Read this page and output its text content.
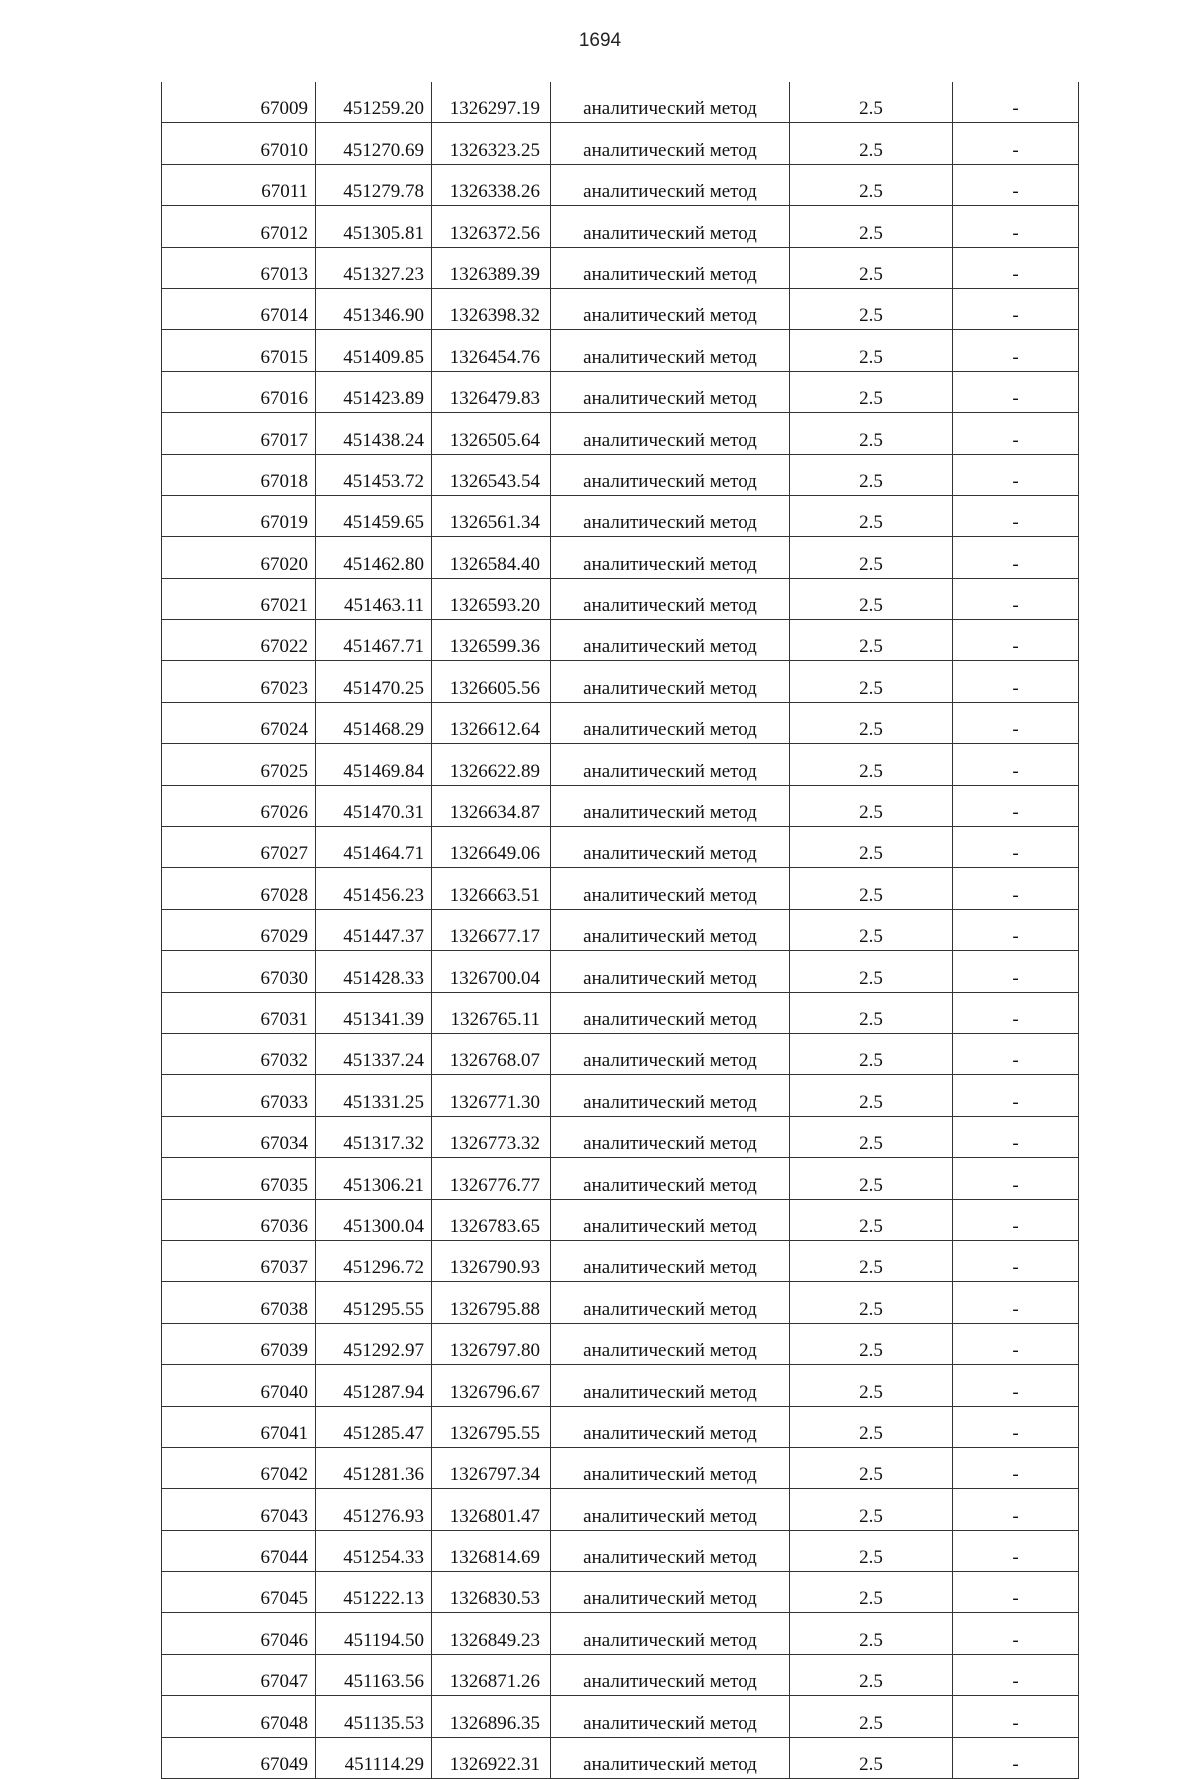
1694
67009	451259.20	1326297.19	аналитический метод	2.5	-
67010	451270.69	1326323.25	аналитический метод	2.5	-
67011	451279.78	1326338.26	аналитический метод	2.5	-
67012	451305.81	1326372.56	аналитический метод	2.5	-
67013	451327.23	1326389.39	аналитический метод	2.5	-
67014	451346.90	1326398.32	аналитический метод	2.5	-
67015	451409.85	1326454.76	аналитический метод	2.5	-
67016	451423.89	1326479.83	аналитический метод	2.5	-
67017	451438.24	1326505.64	аналитический метод	2.5	-
67018	451453.72	1326543.54	аналитический метод	2.5	-
67019	451459.65	1326561.34	аналитический метод	2.5	-
67020	451462.80	1326584.40	аналитический метод	2.5	-
67021	451463.11	1326593.20	аналитический метод	2.5	-
67022	451467.71	1326599.36	аналитический метод	2.5	-
67023	451470.25	1326605.56	аналитический метод	2.5	-
67024	451468.29	1326612.64	аналитический метод	2.5	-
67025	451469.84	1326622.89	аналитический метод	2.5	-
67026	451470.31	1326634.87	аналитический метод	2.5	-
67027	451464.71	1326649.06	аналитический метод	2.5	-
67028	451456.23	1326663.51	аналитический метод	2.5	-
67029	451447.37	1326677.17	аналитический метод	2.5	-
67030	451428.33	1326700.04	аналитический метод	2.5	-
67031	451341.39	1326765.11	аналитический метод	2.5	-
67032	451337.24	1326768.07	аналитический метод	2.5	-
67033	451331.25	1326771.30	аналитический метод	2.5	-
67034	451317.32	1326773.32	аналитический метод	2.5	-
67035	451306.21	1326776.77	аналитический метод	2.5	-
67036	451300.04	1326783.65	аналитический метод	2.5	-
67037	451296.72	1326790.93	аналитический метод	2.5	-
67038	451295.55	1326795.88	аналитический метод	2.5	-
67039	451292.97	1326797.80	аналитический метод	2.5	-
67040	451287.94	1326796.67	аналитический метод	2.5	-
67041	451285.47	1326795.55	аналитический метод	2.5	-
67042	451281.36	1326797.34	аналитический метод	2.5	-
67043	451276.93	1326801.47	аналитический метод	2.5	-
67044	451254.33	1326814.69	аналитический метод	2.5	-
67045	451222.13	1326830.53	аналитический метод	2.5	-
67046	451194.50	1326849.23	аналитический метод	2.5	-
67047	451163.56	1326871.26	аналитический метод	2.5	-
67048	451135.53	1326896.35	аналитический метод	2.5	-
67049	451114.29	1326922.31	аналитический метод	2.5	-
